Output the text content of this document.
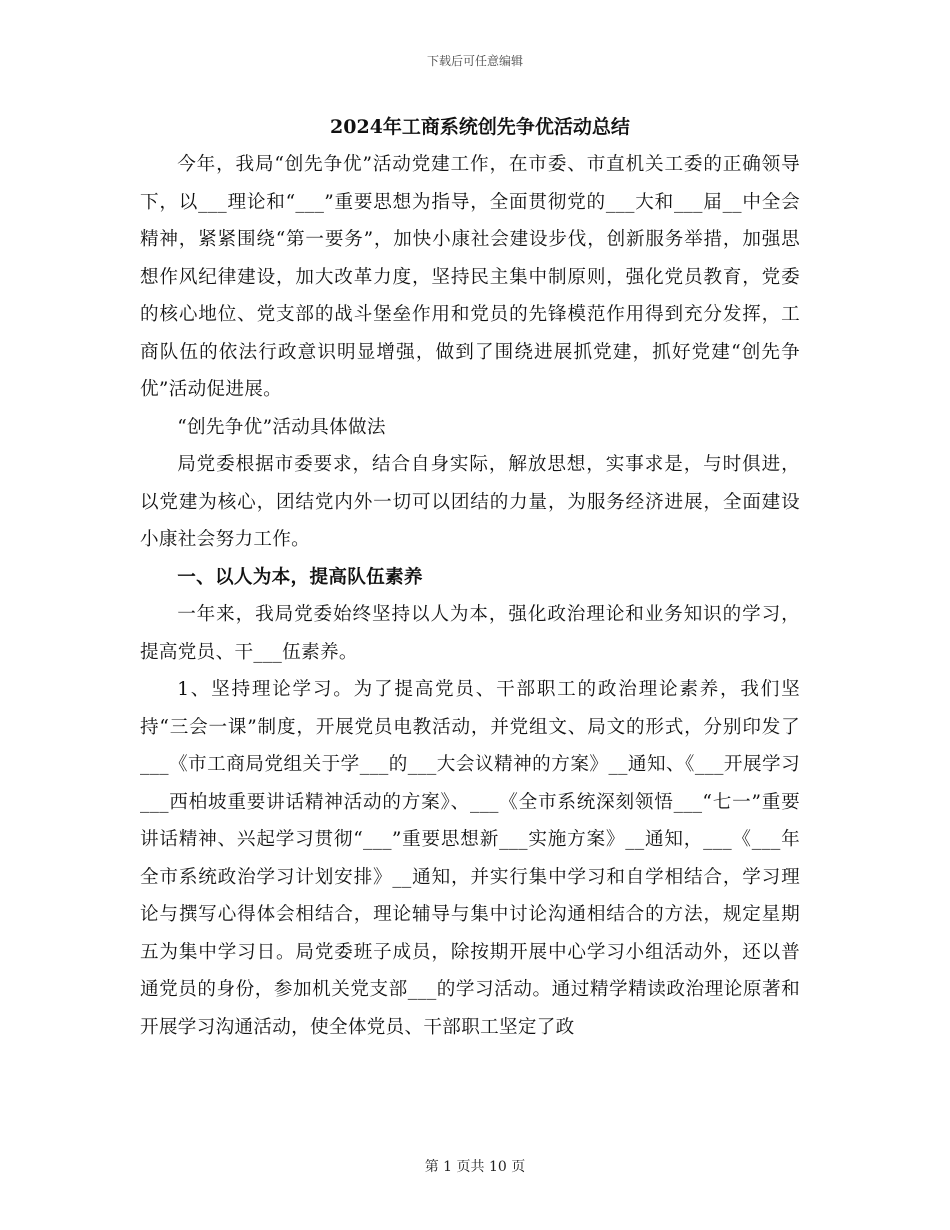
下载后可任意编辑
2024年工商系统创先争优活动总结

今年，我局“创先争优”活动党建工作，在市委、市直机关工委的正确领导下，以___理论和“___”重要思想为指导，全面贯彻党的___大和___届__中全会精神，紧紧围绕“第一要务”，加快小康社会建设步伐，创新服务举措，加强思想作风纪律建设，加大改革力度，坚持民主集中制原则，强化党员教育，党委的核心地位、党支部的战斗堡垒作用和党员的先锋模范作用得到充分发挥，工商队伍的依法行政意识明显增强，做到了围绕进展抓党建，抓好党建“创先争优”活动促进展。

“创先争优”活动具体做法

局党委根据市委要求，结合自身实际，解放思想，实事求是，与时俱进，以党建为核心，团结党内外一切可以团结的力量，为服务经济进展，全面建设小康社会努力工作。

一、以人为本，提高队伍素养

一年来，我局党委始终坚持以人为本，强化政治理论和业务知识的学习，提高党员、干___伍素养。

1、坚持理论学习。为了提高党员、干部职工的政治理论素养，我们坚持“三会一课”制度，开展党员电教活动，并党组文、局文的形式，分别印发了___《市工商局党组关于学___的___大会议精神的方案》__通知、《___开展学习___西柏坡重要讲话精神活动的方案》、___《全市系统深刻领悟___“七一”重要讲话精神、兴起学习贯彻“___”重要思想新___实施方案》__通知，___《___年全市系统政治学习计划安排》__通知，并实行集中学习和自学相结合，学习理论与撰写心得体会相结合，理论辅导与集中讨论沟通相结合的方法，规定星期五为集中学习日。局党委班子成员，除按期开展中心学习小组活动外，还以普通党员的身份，参加机关党支部___的学习活动。通过精学精读政治理论原著和开展学习沟通活动，使全体党员、干部职工坚定了政

第 1 页共 10 页
